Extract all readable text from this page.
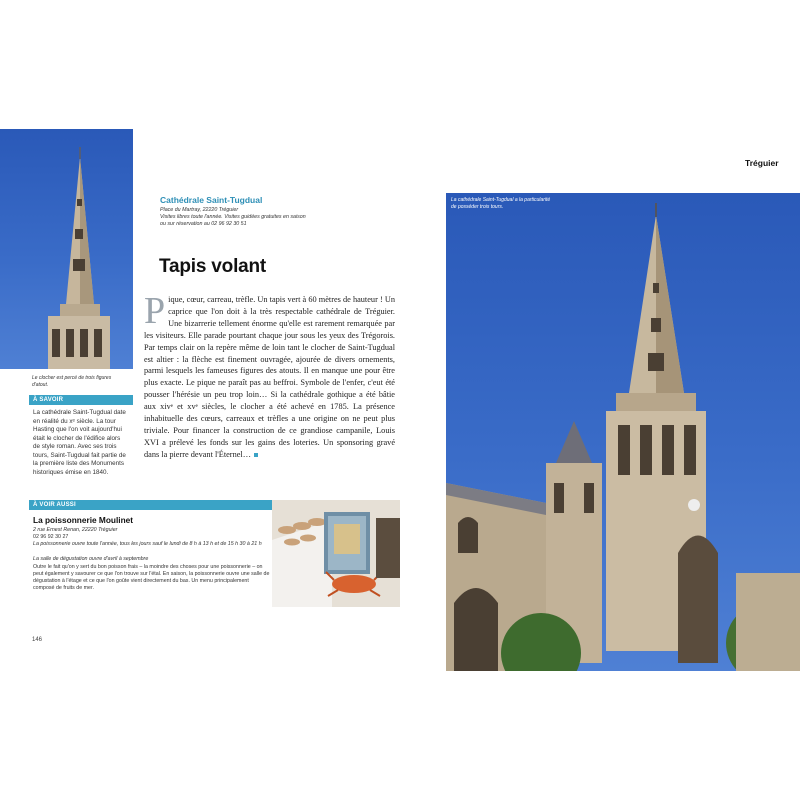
Le clocher est percé de trois figures d'atout.
À SAVOIR
La cathédrale Saint-Tugdual date en réalité du xᵉ siècle. La tour Hasting que l'on voit aujourd'hui était le clocher de l'édifice alors de style roman. Avec ses trois tours, Saint-Tugdual fait partie de la première liste des Monuments historiques émise en 1840.
Cathédrale Saint-Tugdual
Place du Martray, 22220 Tréguier
Visites libres toute l'année. Visites guidées gratuites en saison
ou sur réservation au 02 96 92 30 51
Tapis volant
Pique, cœur, carreau, trèfle. Un tapis vert à 60 mètres de hauteur ! Un caprice que l'on doit à la très respectable cathédrale de Tréguier. Une bizarrerie tellement énorme qu'elle est rarement remarquée par les visiteurs. Elle parade pourtant chaque jour sous les yeux des Trégorois. Par temps clair on la repère même de loin tant le clocher de Saint-Tugdual est altier : la flèche est finement ouvragée, ajourée de divers ornements, parmi lesquels les fameuses figures des atouts. Il en manque une pour être plus exacte. Le pique ne paraît pas au beffroi. Symbole de l'enfer, c'eut été pousser l'hérésie un peu trop loin… Si la cathédrale gothique a été bâtie aux xivᵉ et xvᵉ siècles, le clocher a été achevé en 1785. La présence inhabituelle des cœurs, carreaux et trèfles a une origine on ne peut plus triviale. Pour financer la construction de ce grandiose campanile, Louis XVI a prélevé les fonds sur les gains des loteries. Un sponsoring gravé dans la pierre devant l'Éternel…
À VOIR AUSSI
La poissonnerie Moulinet
2 rue Ernest Renan, 22220 Tréguier
02 96 92 30 27
La poissonnerie ouvre toute l'année, tous les jours sauf le lundi de 8 h à 13 h et de 15 h 30 à 21 h
La salle de dégustation ouvre d'avril à septembre
Outre le fait qu'on y sert du bon poisson frais – la moindre des choses pour une poissonnerie – on peut également y savourer ce que l'on trouve sur l'étal. En saison, la poissonnerie ouvre une salle de dégustation à l'étage et ce que l'on goûte vient directement du bas. Un menu principalement composé de fruits de mer.
146
Tréguier
La cathédrale Saint-Tugdual a la particularité de posséder trois tours.
